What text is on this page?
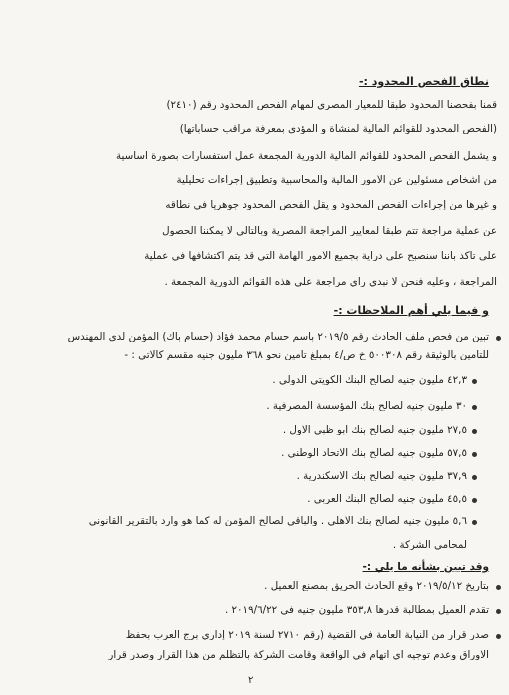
نطاق الفحص المحدود :-
قمنا بفحصنا المحدود طبقا للمعيار المصري لمهام الفحص المحدود رقم (٢٤١٠)
(الفحص المحدود للقوائم المالية لمنشأة و المؤدى بمعرفة مراقب حساباتها)
و يشمل الفحص المحدود للقوائم المالية الدورية المجمعة عمل استفسارات بصورة أساسية
من أشخاص مسئولين عن الأمور المالية والمحاسبية وتطبيق إجراءات تحليلية
و غيرها من إجراءات الفحص المحدود و يقل الفحص المحدود جوهريا في نطاقه
عن عملية مراجعة تتم طبقا لمعايير المراجعة المصرية وبالتالي لا يمكننا الحصول
على تأكد بأننا سنصبح على دراية بجميع الأمور الهامة التي قد يتم اكتشافها في عملية
المراجعة ، وعليه فنحن لا نبدي رأي مراجعة علي هذه القوائم الدورية المجمعة .
و فيما يلي أهم الملاحظات :-
تبين من فحص ملف الحادث رقم ٢٠١٩/٥ باسم حسام محمد فؤاد (حسام باك) المؤمن لدى المهندس
للتأمين بالوثيقة رقم ٥٠٠٣٠٨ خ ص/٤ بمبلغ تأمين نحو ٣٦٨ مليون جنيه مقسم كالاتي : -
٤٢,٣ مليون جنيه لصالح البنك الكويتي الدولي .
٣٠ مليون جنيه لصالح بنك المؤسسة المصرفية .
٢٧,٥ مليون جنيه لصالح بنك ابو ظبي الاول .
٥٧,٥ مليون جنيه لصالح بنك الاتحاد الوطني .
٣٧,٩ مليون جنيه لصالح بنك الاسكندرية .
٤٥,٥ مليون جنيه لصالح البنك العربي .
٥,٦ مليون جنيه لصالح بنك الاهلي . والباقي لصالح المؤمن له كما هو وارد بالتقرير القانوني
لمحامي الشركة .
وقد تبين بشأنه ما يلي :-
بتاريخ ٢٠١٩/٥/١٢ وقع الحادث الحريق بمصنع العميل .
تقدم العميل بمطالبة قدرها ٣٥٣,٨ مليون جنيه في ٢٠١٩/٦/٢٢ .
صدر قرار من النيابة العامة في القضية (رقم ٢٧١٠ لسنة ٢٠١٩ إداري برج العرب بحفظ
الاوراق وعدم توجيه أي اتهام في الواقعة وقامت الشركة بالتظلم من هذا القرار وصدر قرار
٢
